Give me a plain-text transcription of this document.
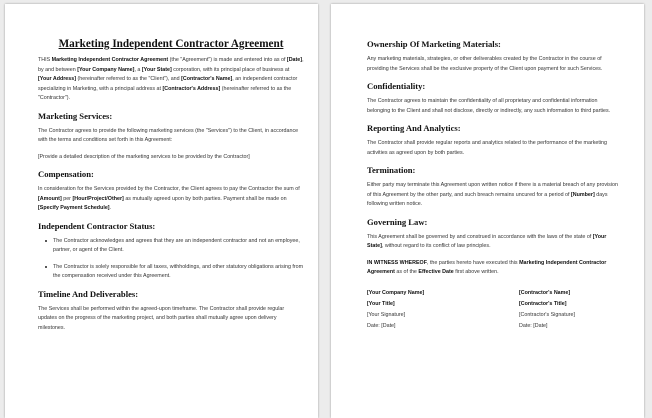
Marketing Independent Contractor Agreement

THIS Marketing Independent Contractor Agreement (the "Agreement") is made and entered into as of [Date], by and between [Your Company Name], a [Your State] corporation, with its principal place of business at [Your Address] (hereinafter referred to as the "Client"), and [Contractor's Name], an independent contractor specializing in Marketing, with a principal address at [Contractor's Address] (hereinafter referred to as the "Contractor").

Marketing Services:

The Contractor agrees to provide the following marketing services (the "Services") to the Client, in accordance with the terms and conditions set forth in this Agreement:

[Provide a detailed description of the marketing services to be provided by the Contractor]

Compensation:

In consideration for the Services provided by the Contractor, the Client agrees to pay the Contractor the sum of [Amount] per [Hour/Project/Other] as mutually agreed upon by both parties. Payment shall be made on [Specify Payment Schedule].

Independent Contractor Status:
The Contractor acknowledges and agrees that they are an independent contractor and not an employee, partner, or agent of the Client.
The Contractor is solely responsible for all taxes, withholdings, and other statutory obligations arising from the compensation received under this Agreement.
Timeline And Deliverables:

The Services shall be performed within the agreed-upon timeframe. The Contractor shall provide regular updates on the progress of the marketing project, and both parties shall mutually agree upon delivery milestones.

Ownership Of Marketing Materials:

Any marketing materials, strategies, or other deliverables created by the Contractor in the course of providing the Services shall be the exclusive property of the Client upon payment for such Services.

Confidentiality:

The Contractor agrees to maintain the confidentiality of all proprietary and confidential information belonging to the Client and shall not disclose, directly or indirectly, any such information to third parties.

Reporting And Analytics:

The Contractor shall provide regular reports and analytics related to the performance of the marketing activities as agreed upon by both parties.

Termination:

Either party may terminate this Agreement upon written notice if there is a material breach of any provision of this Agreement by the other party, and such breach remains uncured for a period of [Number] days following written notice.

Governing Law:

This Agreement shall be governed by and construed in accordance with the laws of the state of [Your State], without regard to its conflict of law principles.

IN WITNESS WHEREOF, the parties hereto have executed this Marketing Independent Contractor Agreement as of the Effective Date first above written.

[Your Company Name]	[Contractor's Name]
[Your Title]	[Contractor's Title]
[Your Signature]	[Contractor's Signature]
Date: [Date]	Date: [Date]
